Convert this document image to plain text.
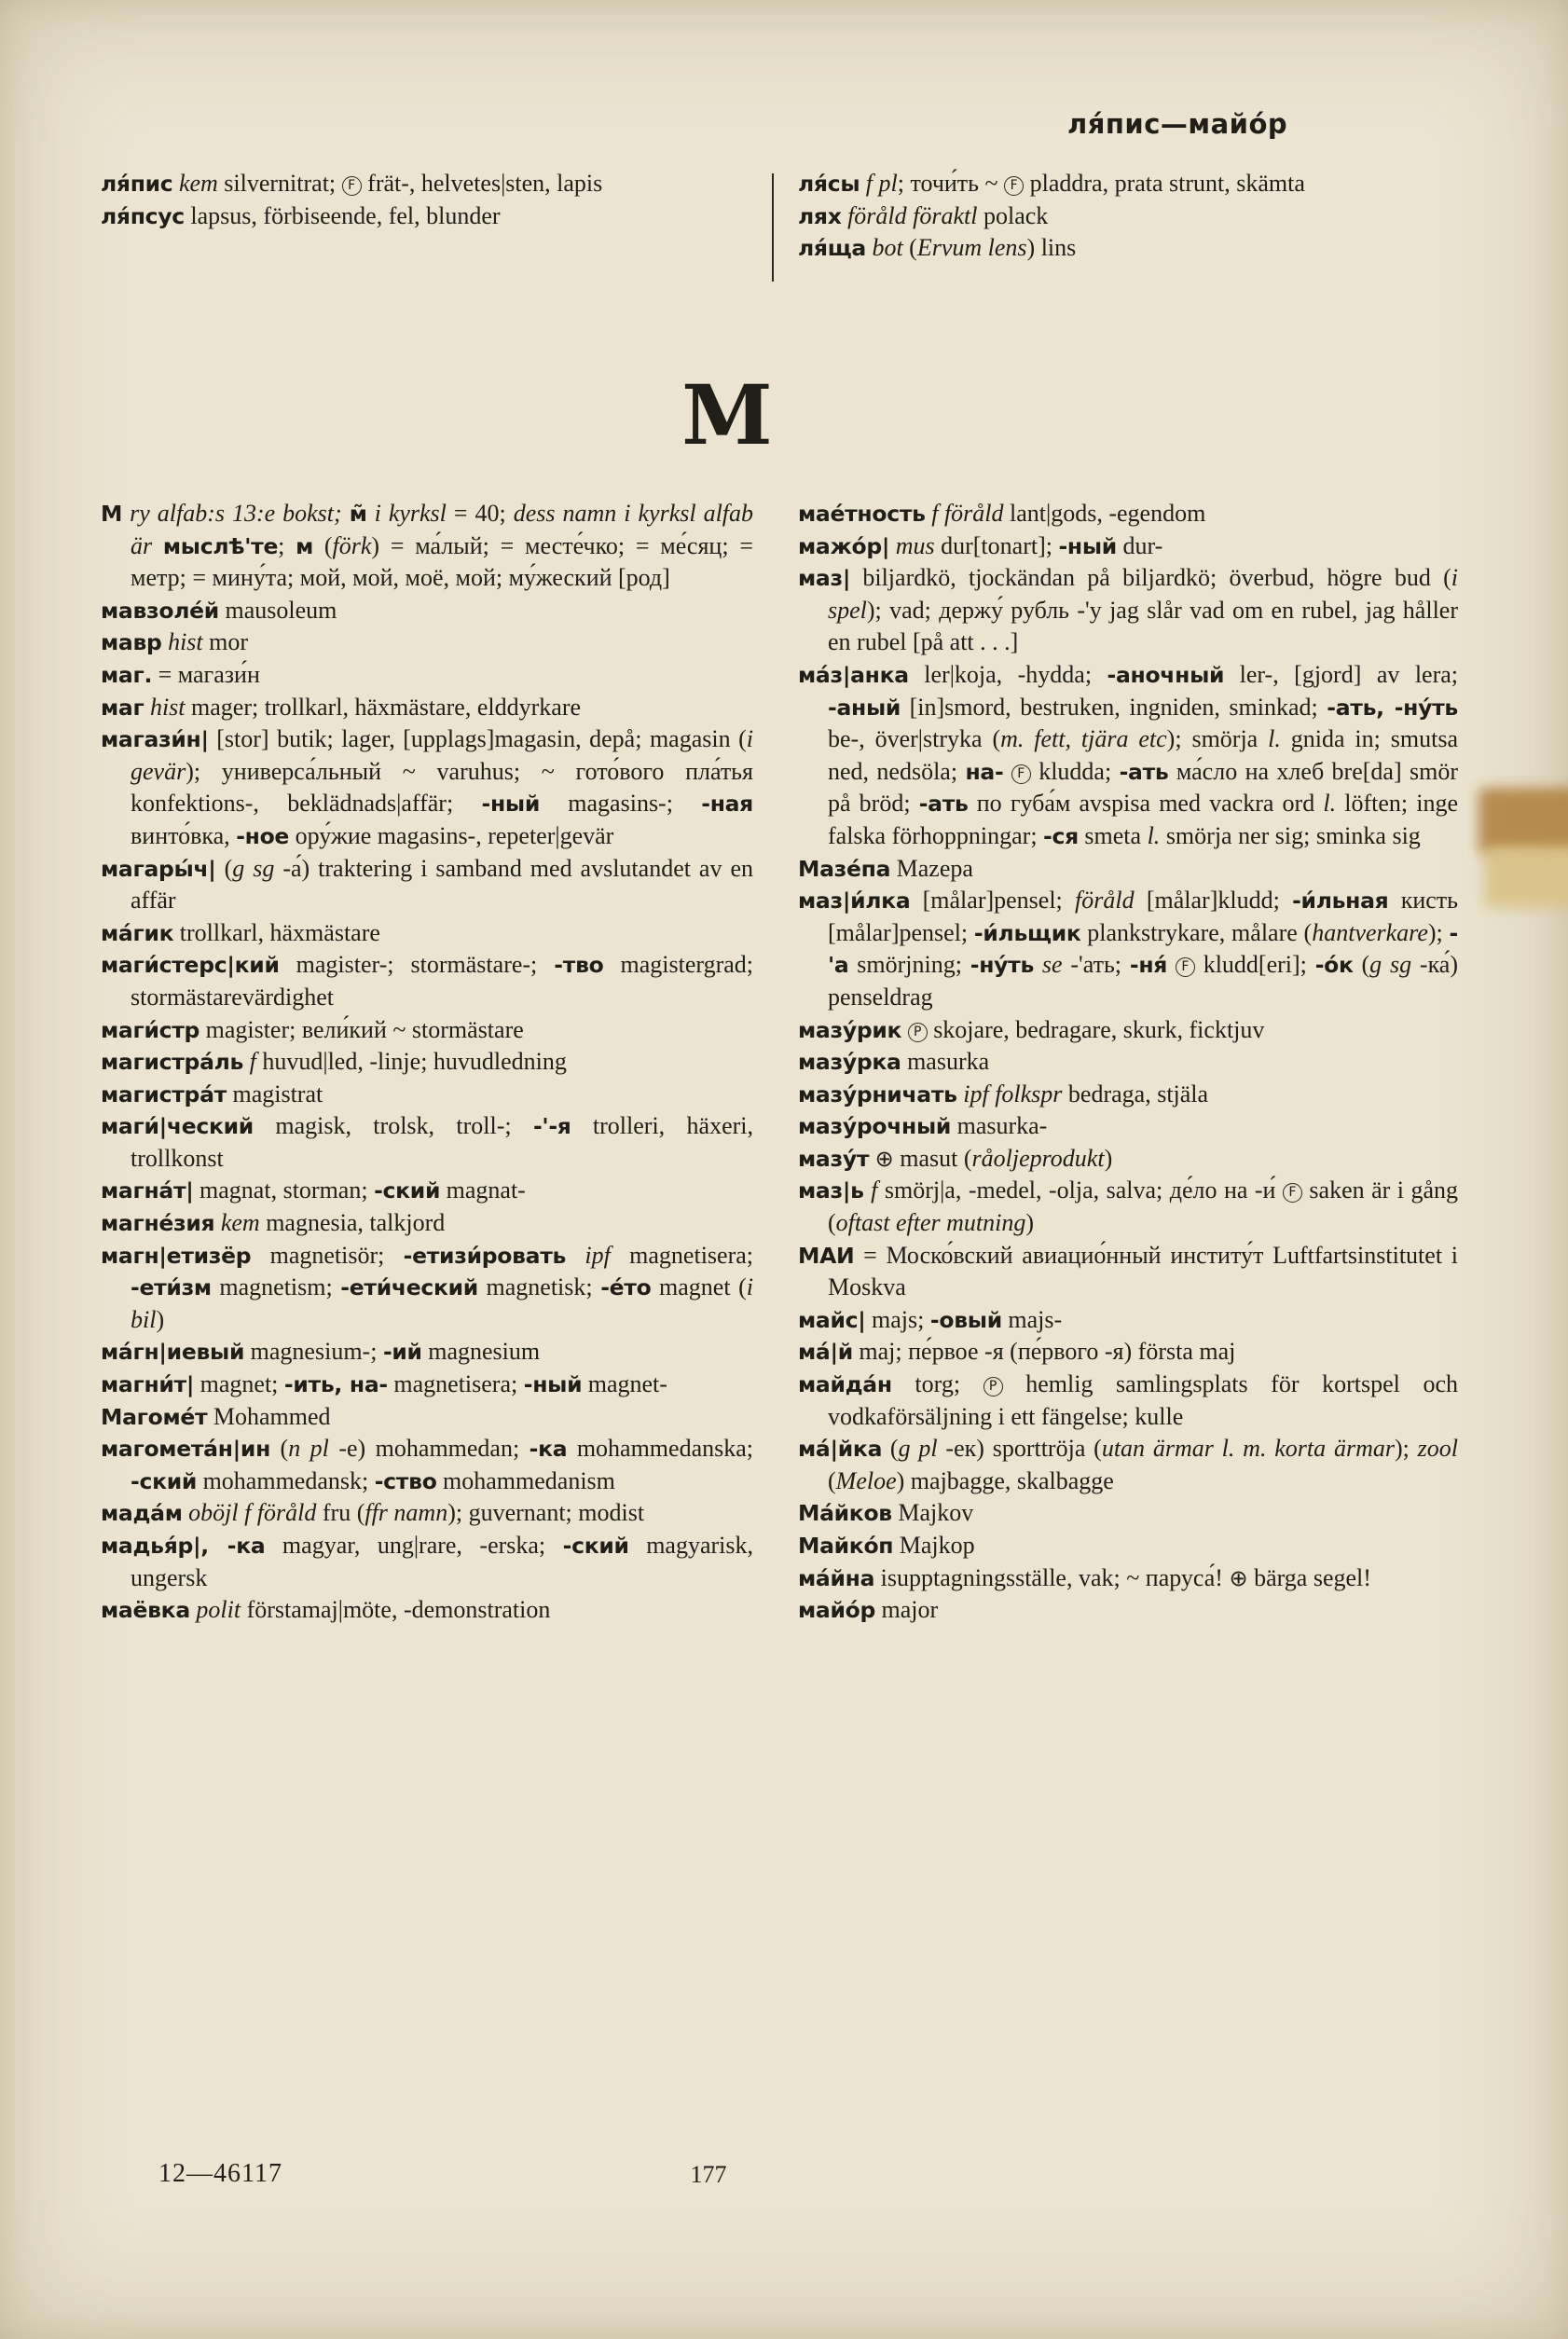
ля́пис—майо́р

ля́пис kem silvernitrat; F frät-, helvetes|sten, lapis

ля́псус lapsus, förbiseende, fel, blunder

ля́сы f pl; точи́ть ~ F pladdra, prata strunt, skämta

лях föråld föraktl polack

ля́ща bot (Ervum lens) lins

М

М ry alfab:s 13:e bokst; м̃ i kyrksl = 40; dess namn i kyrksl alfab är мыслѣ'те; м (förk) = ма́лый; = месте́чко; = ме́сяц; = метр; = мину́та; мой, мой, моё, мой; му́жеский [род]

мавзоле́й mausoleum

мавр hist mor

маг. = магази́н

маг hist mager; trollkarl, häxmästare, elddyrkare

магази́н| [stor] butik; lager, [upplags]magasin, depå; magasin (i gevär); универса́льный ~ varuhus; ~ гото́вого пла́тья konfektions-, beklädnads|affär; -ный magasins-; -ная винто́вка, -ное ору́жие magasins-, repeter|gevär

магары́ч| (g sg -а́) traktering i samband med avslutandet av en affär

ма́гик trollkarl, häxmästare

маги́стерс|кий magister-; stormästare-; -тво magistergrad; stormästarevärdighet

маги́стр magister; вели́кий ~ stormästare

магистра́ль f huvud|led, -linje; huvudledning

магистра́т magistrat

маги́|ческий magisk, trolsk, troll-; -'-я trolleri, häxeri, trollkonst

магна́т| magnat, storman; -ский magnat-

магне́зия kem magnesia, talkjord

магн|етизёр magnetisör; -етизи́ровать ipf magnetisera; -ети́зм magnetism; -ети́ческий magnetisk; -е́то magnet (i bil)

ма́гн|иевый magnesium-; -ий magnesium

магни́т| magnet; -ить, на- magnetisera; -ный magnet-

Магоме́т Mohammed

магомета́н|ин (n pl -е) mohammedan; -ка mohammedanska; -ский mohammedansk; -ство mohammedanism

мада́м oböjl f föråld fru (ffr namn); guvernant; modist

мадья́р|, -ка magyar, ung|rare, -erska; -ский magyarisk, ungersk

маёвка polit förstamaj|möte, -demonstration

мае́тность f föråld lant|gods, -egendom

мажо́р| mus dur[tonart]; -ный dur-

маз| biljardkö, tjockändan på biljardkö; överbud, högre bud (i spel); vad; держу́ рубль -'у jag slår vad om en rubel, jag håller en rubel [på att . . .]

ма́з|анка ler|koja, -hydda; -аночный ler-, [gjord] av lera; -аный [in]smord, bestruken, ingniden, sminkad; -ать, -ну́ть be-, över|stryka (m. fett, tjära etc); smörja l. gnida in; smutsa ned, nedsöla; на- F kludda; -ать ма́сло на хлеб bre[da] smör på bröd; -ать по губа́м avspisa med vackra ord l. löften; inge falska förhoppningar; -ся smeta l. smörja ner sig; sminka sig

Мазе́па Mazepa

маз|и́лка [målar]pensel; föråld [målar]kludd; -и́льная кисть [målar]pensel; -и́льщик plankstrykare, målare (hantverkare); -'а smörjning; -ну́ть se -'ать; -ня́ F kludd[eri]; -о́к (g sg -ка́) penseldrag

мазу́рик P skojare, bedragare, skurk, ficktjuv

мазу́рка masurka

мазу́рничать ipf folkspr bedraga, stjäla

мазу́рочный masurka-

мазу́т ⊕ masut (råoljeprodukt)

маз|ь f smörj|a, -medel, -olja, salva; де́ло на -и́ F saken är i gång (oftast efter mutning)

МАИ = Моско́вский авиацио́нный институ́т Luftfartsinstitutet i Moskva

майс| majs; -овый majs-

ма́|й maj; пе́рвое -я (пе́рвого -я) första maj

майда́н torg; P hemlig samlingsplats för kortspel och vodkaförsäljning i ett fängelse; kulle

ма́|йка (g pl -ек) sporttröja (utan ärmar l. m. korta ärmar); zool (Meloe) majbagge, skalbagge

Ма́йков Majkov

Майко́п Majkop

ма́йна isupptagningsställe, vak; ~ паруса́! ⊕ bärga segel!

майо́р major

12—46117	177
